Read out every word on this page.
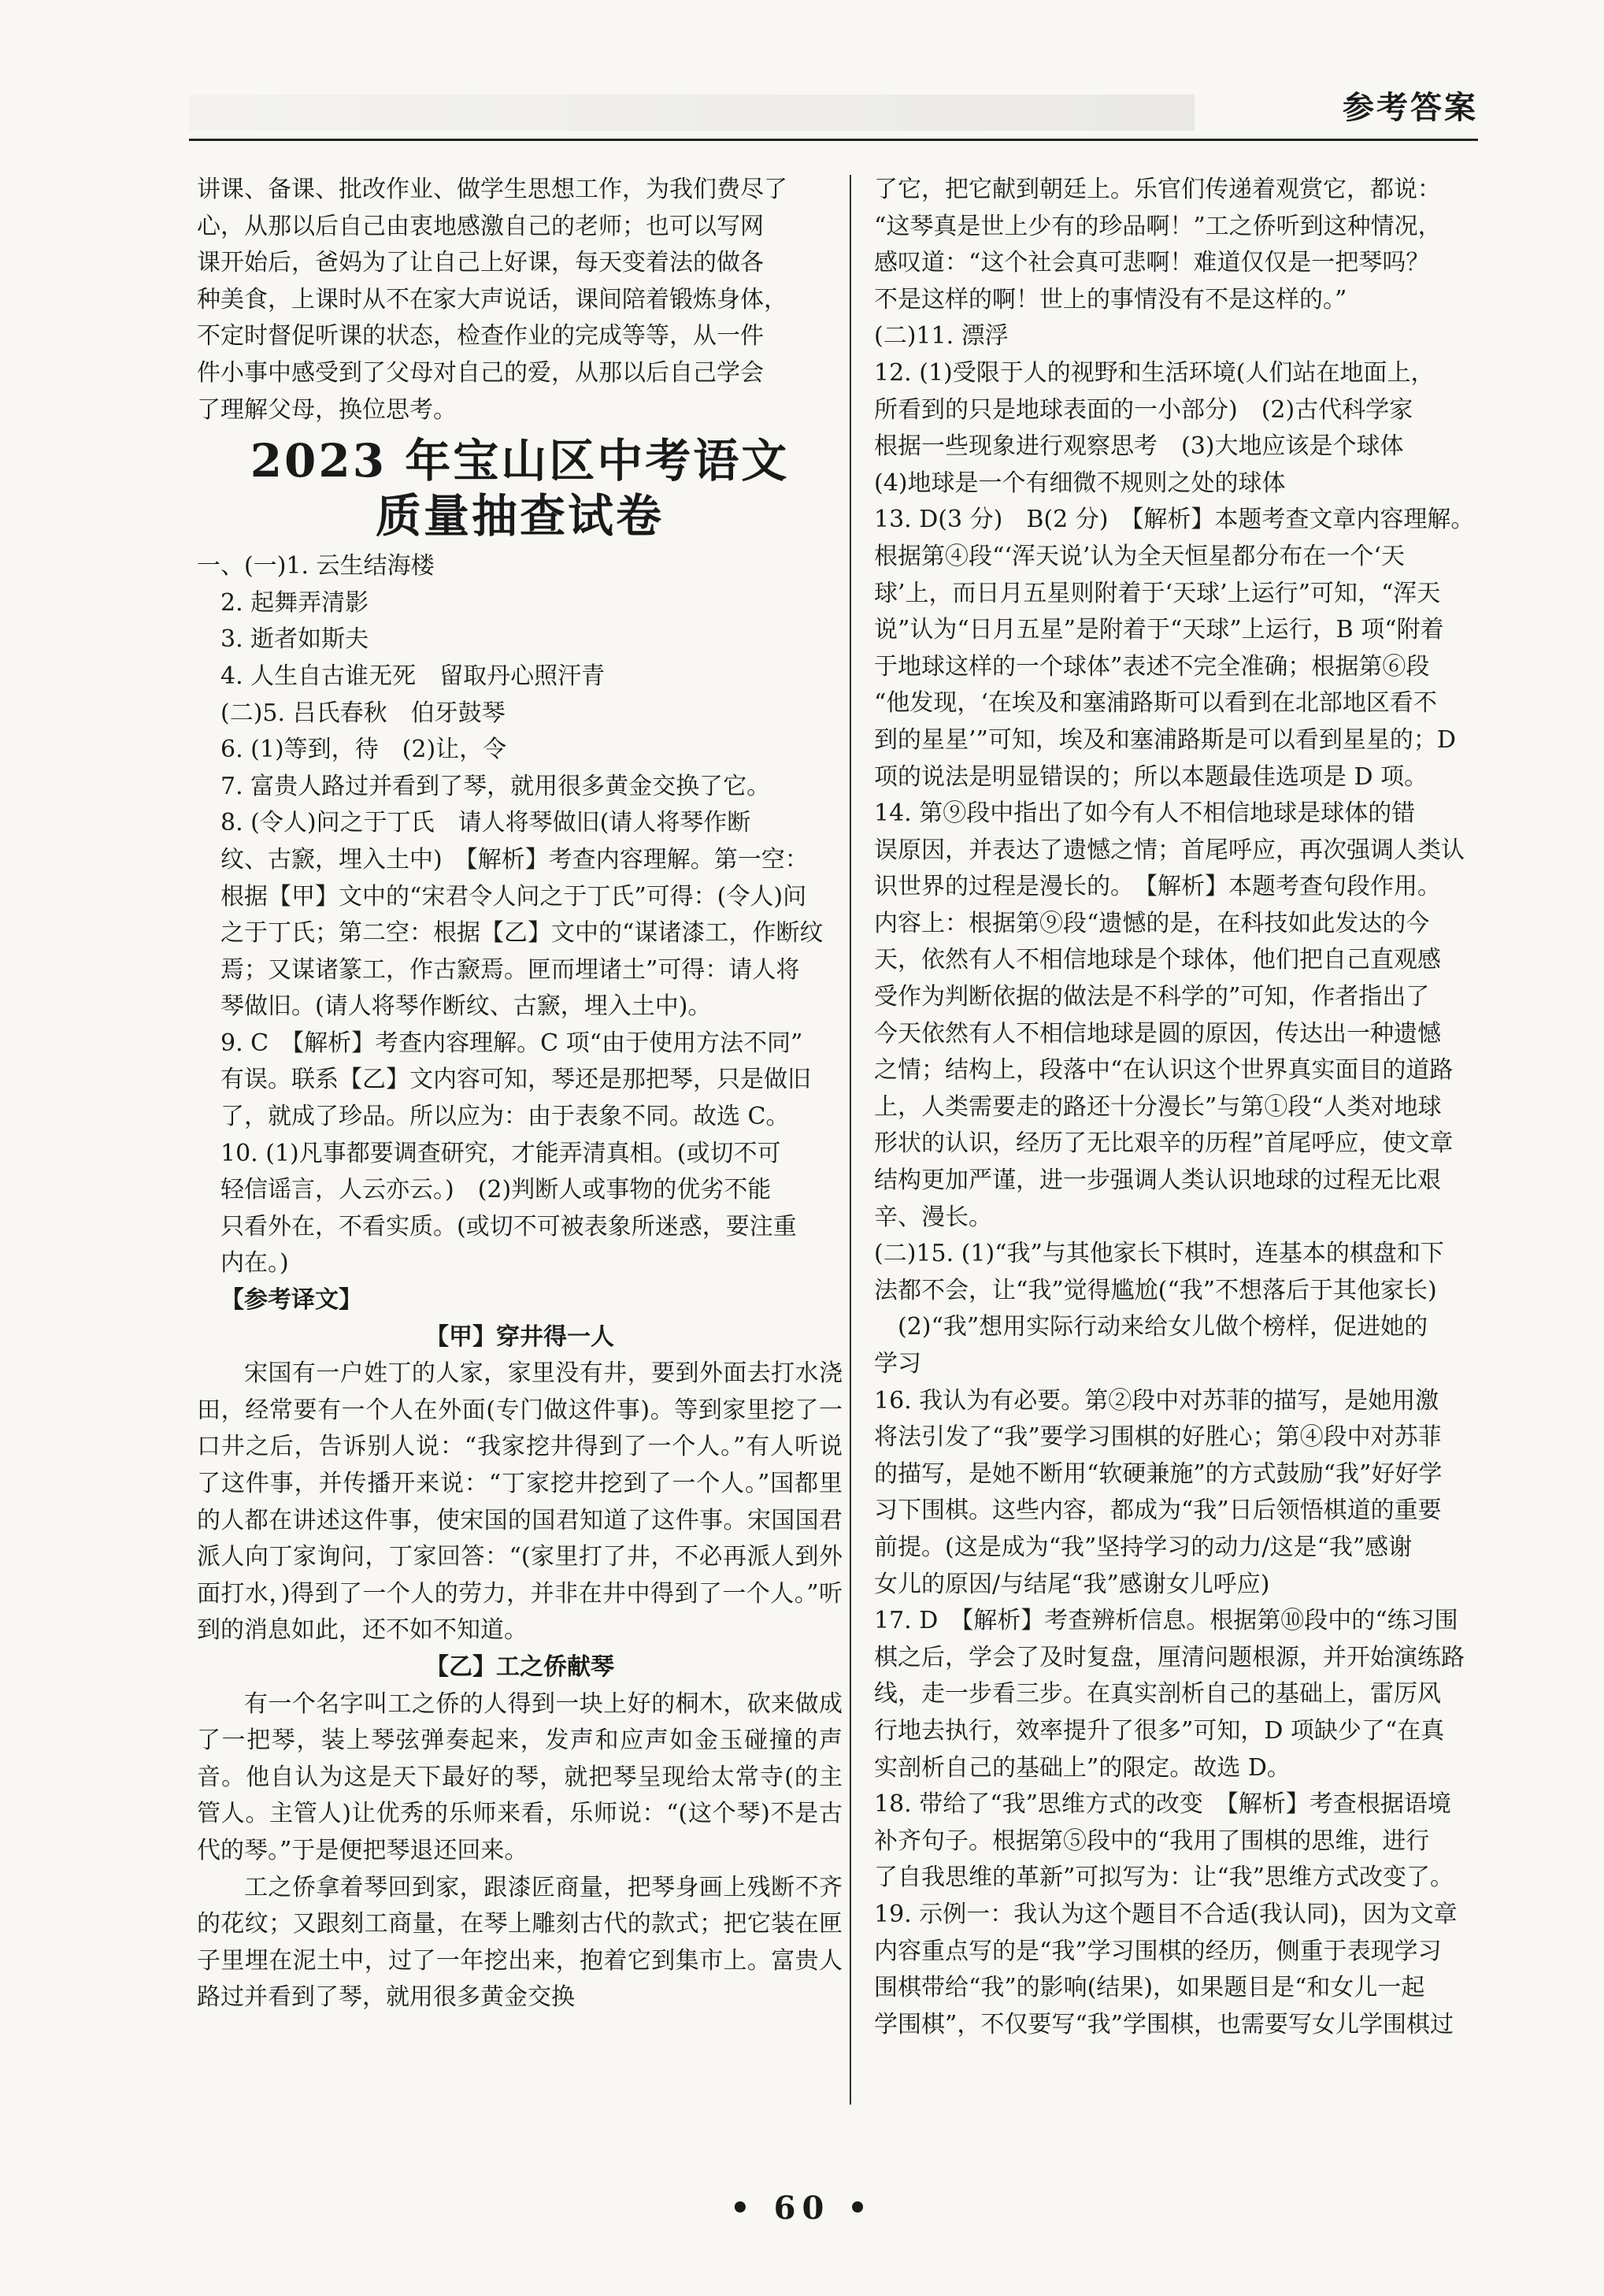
参考答案

讲课、备课、批改作业、做学生思想工作，为我们费尽了

心，从那以后自己由衷地感激自己的老师；也可以写网

课开始后，爸妈为了让自己上好课，每天变着法的做各

种美食，上课时从不在家大声说话，课间陪着锻炼身体，

不定时督促听课的状态，检查作业的完成等等，从一件

件小事中感受到了父母对自己的爱，从那以后自己学会

了理解父母，换位思考。

2023 年宝山区中考语文
质量抽查试卷

一、(一)1. 云生结海楼

2. 起舞弄清影

3. 逝者如斯夫

4. 人生自古谁无死　留取丹心照汗青

(二)5. 吕氏春秋　伯牙鼓琴

6. (1)等到，待　(2)让，令

7. 富贵人路过并看到了琴，就用很多黄金交换了它。

8. (令人)问之于丁氏　请人将琴做旧(请人将琴作断

纹、古窾，埋入土中)　【解析】考查内容理解。第一空：

根据【甲】文中的“宋君令人问之于丁氏”可得：(令人)问

之于丁氏；第二空：根据【乙】文中的“谋诸漆工，作断纹

焉；又谋诸篆工，作古窾焉。匣而埋诸土”可得：请人将

琴做旧。(请人将琴作断纹、古窾，埋入土中)。

9. C　【解析】考查内容理解。C 项“由于使用方法不同”

有误。联系【乙】文内容可知，琴还是那把琴，只是做旧

了，就成了珍品。所以应为：由于表象不同。故选 C。

10. (1)凡事都要调查研究，才能弄清真相。(或切不可

轻信谣言，人云亦云。)　(2)判断人或事物的优劣不能

只看外在，不看实质。(或切不可被表象所迷惑，要注重

内在。)

【参考译文】

【甲】穿井得一人

宋国有一户姓丁的人家，家里没有井，要到外面去打水浇田，经常要有一个人在外面(专门做这件事)。等到家里挖了一口井之后，告诉别人说：“我家挖井得到了一个人。”有人听说了这件事，并传播开来说：“丁家挖井挖到了一个人。”国都里的人都在讲述这件事，使宋国的国君知道了这件事。宋国国君派人向丁家询问，丁家回答：“(家里打了井，不必再派人到外面打水，)得到了一个人的劳力，并非在井中得到了一个人。”听到的消息如此，还不如不知道。

【乙】工之侨献琴

有一个名字叫工之侨的人得到一块上好的桐木，砍来做成了一把琴，装上琴弦弹奏起来，发声和应声如金玉碰撞的声音。他自认为这是天下最好的琴，就把琴呈现给太常寺(的主管人。主管人)让优秀的乐师来看，乐师说：“(这个琴)不是古代的琴。”于是便把琴退还回来。

工之侨拿着琴回到家，跟漆匠商量，把琴身画上残断不齐的花纹；又跟刻工商量，在琴上雕刻古代的款式；把它装在匣子里埋在泥土中，过了一年挖出来，抱着它到集市上。富贵人路过并看到了琴，就用很多黄金交换

了它，把它献到朝廷上。乐官们传递着观赏它，都说：

“这琴真是世上少有的珍品啊！”工之侨听到这种情况，

感叹道：“这个社会真可悲啊！难道仅仅是一把琴吗？

不是这样的啊！世上的事情没有不是这样的。”

(二)11. 漂浮

12. (1)受限于人的视野和生活环境(人们站在地面上，

所看到的只是地球表面的一小部分)　(2)古代科学家

根据一些现象进行观察思考　(3)大地应该是个球体

(4)地球是一个有细微不规则之处的球体

13. D(3 分)　B(2 分)　【解析】本题考查文章内容理解。

根据第④段“‘浑天说’认为全天恒星都分布在一个‘天

球’上，而日月五星则附着于‘天球’上运行”可知，“浑天

说”认为“日月五星”是附着于“天球”上运行，B 项“附着

于地球这样的一个球体”表述不完全准确；根据第⑥段

“他发现，‘在埃及和塞浦路斯可以看到在北部地区看不

到的星星’”可知，埃及和塞浦路斯是可以看到星星的；D

项的说法是明显错误的；所以本题最佳选项是 D 项。

14. 第⑨段中指出了如今有人不相信地球是球体的错

误原因，并表达了遗憾之情；首尾呼应，再次强调人类认

识世界的过程是漫长的。　【解析】本题考查句段作用。

内容上：根据第⑨段“遗憾的是，在科技如此发达的今

天，依然有人不相信地球是个球体，他们把自己直观感

受作为判断依据的做法是不科学的”可知，作者指出了

今天依然有人不相信地球是圆的原因，传达出一种遗憾

之情；结构上，段落中“在认识这个世界真实面目的道路

上，人类需要走的路还十分漫长”与第①段“人类对地球

形状的认识，经历了无比艰辛的历程”首尾呼应，使文章

结构更加严谨，进一步强调人类认识地球的过程无比艰

辛、漫长。

(二)15. (1)“我”与其他家长下棋时，连基本的棋盘和下

法都不会，让“我”觉得尴尬(“我”不想落后于其他家长)

(2)“我”想用实际行动来给女儿做个榜样，促进她的

学习

16. 我认为有必要。第②段中对苏菲的描写，是她用激

将法引发了“我”要学习围棋的好胜心；第④段中对苏菲

的描写，是她不断用“软硬兼施”的方式鼓励“我”好好学

习下围棋。这些内容，都成为“我”日后领悟棋道的重要

前提。(这是成为“我”坚持学习的动力/这是“我”感谢

女儿的原因/与结尾“我”感谢女儿呼应)

17. D　【解析】考查辨析信息。根据第⑩段中的“练习围

棋之后，学会了及时复盘，厘清问题根源，并开始演练路

线，走一步看三步。在真实剖析自己的基础上，雷厉风

行地去执行，效率提升了很多”可知，D 项缺少了“在真

实剖析自己的基础上”的限定。故选 D。

18. 带给了“我”思维方式的改变　【解析】考查根据语境

补齐句子。根据第⑤段中的“我用了围棋的思维，进行

了自我思维的革新”可拟写为：让“我”思维方式改变了。

19. 示例一：我认为这个题目不合适(我认同)，因为文章

内容重点写的是“我”学习围棋的经历，侧重于表现学习

围棋带给“我”的影响(结果)，如果题目是“和女儿一起

学围棋”，不仅要写“我”学围棋，也需要写女儿学围棋过

• 60 •
